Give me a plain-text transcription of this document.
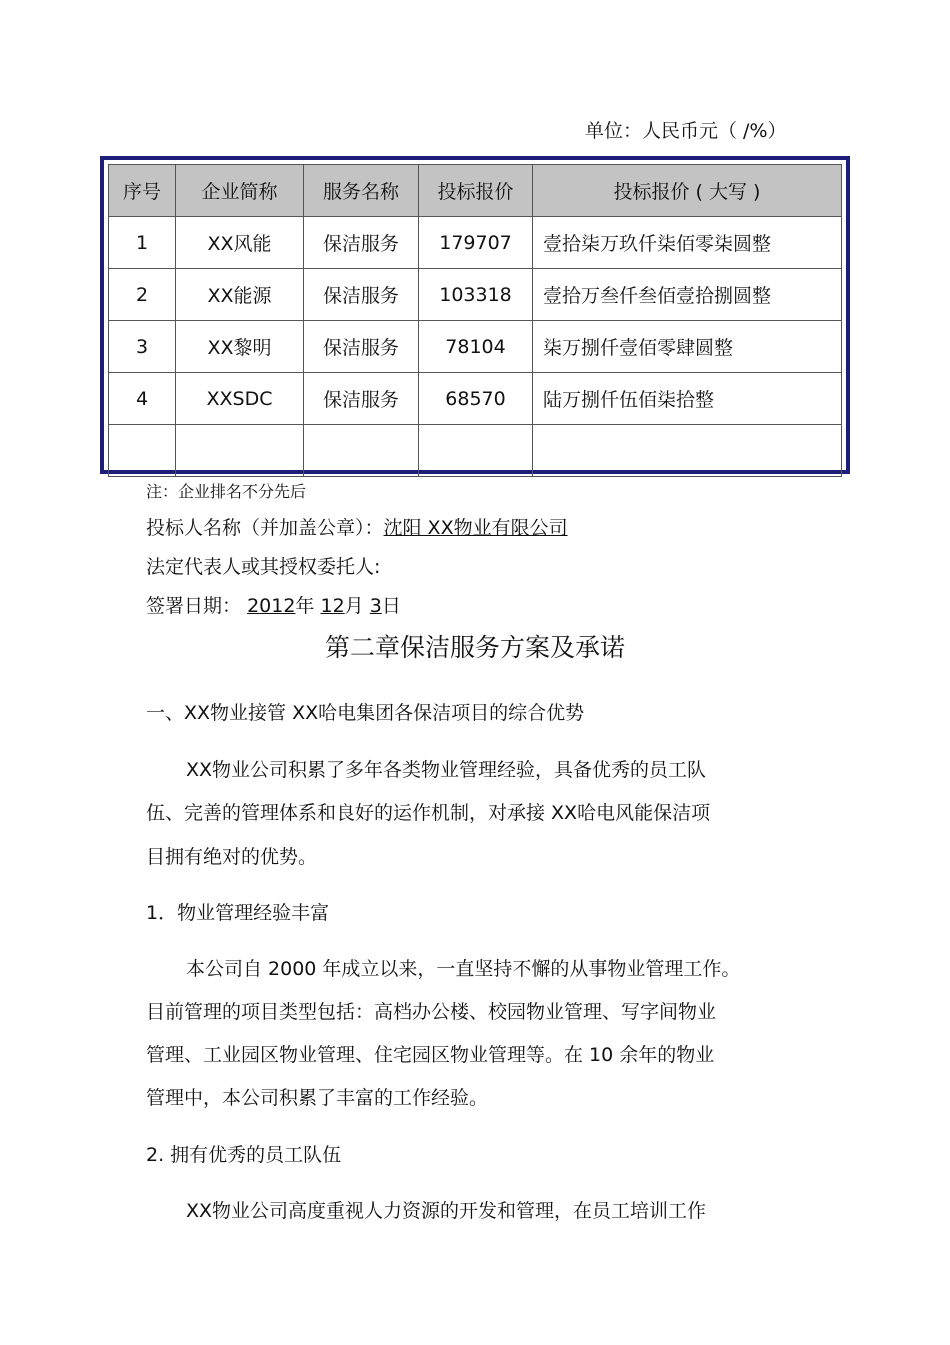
单位：人民币元（ /%）
序号	企业简称	服务名称	投标报价	投标报价 ( 大写 )
1	XX风能	保洁服务	179707	壹拾柒万玖仟柒佰零柒圆整
2	XX能源	保洁服务	103318	壹拾万叁仟叁佰壹拾捌圆整
3	XX黎明	保洁服务	78104	柒万捌仟壹佰零肆圆整
4	XXSDC	保洁服务	68570	陆万捌仟伍佰柒拾整

注：企业排名不分先后
投标人名称（并加盖公章）：沈阳 XX物业有限公司
法定代表人或其授权委托人:
签署日期： 2012年 12月 3日
第二章保洁服务方案及承诺
一、XX物业接管 XX哈电集团各保洁项目的综合优势
XX物业公司积累了多年各类物业管理经验，具备优秀的员工队
伍、完善的管理体系和良好的运作机制，对承接 XX哈电风能保洁项
目拥有绝对的优势。
1．物业管理经验丰富
本公司自 2000 年成立以来，一直坚持不懈的从事物业管理工作。
目前管理的项目类型包括：高档办公楼、校园物业管理、写字间物业
管理、工业园区物业管理、住宅园区物业管理等。在 10 余年的物业
管理中，本公司积累了丰富的工作经验。
2. 拥有优秀的员工队伍
XX物业公司高度重视人力资源的开发和管理，在员工培训工作
